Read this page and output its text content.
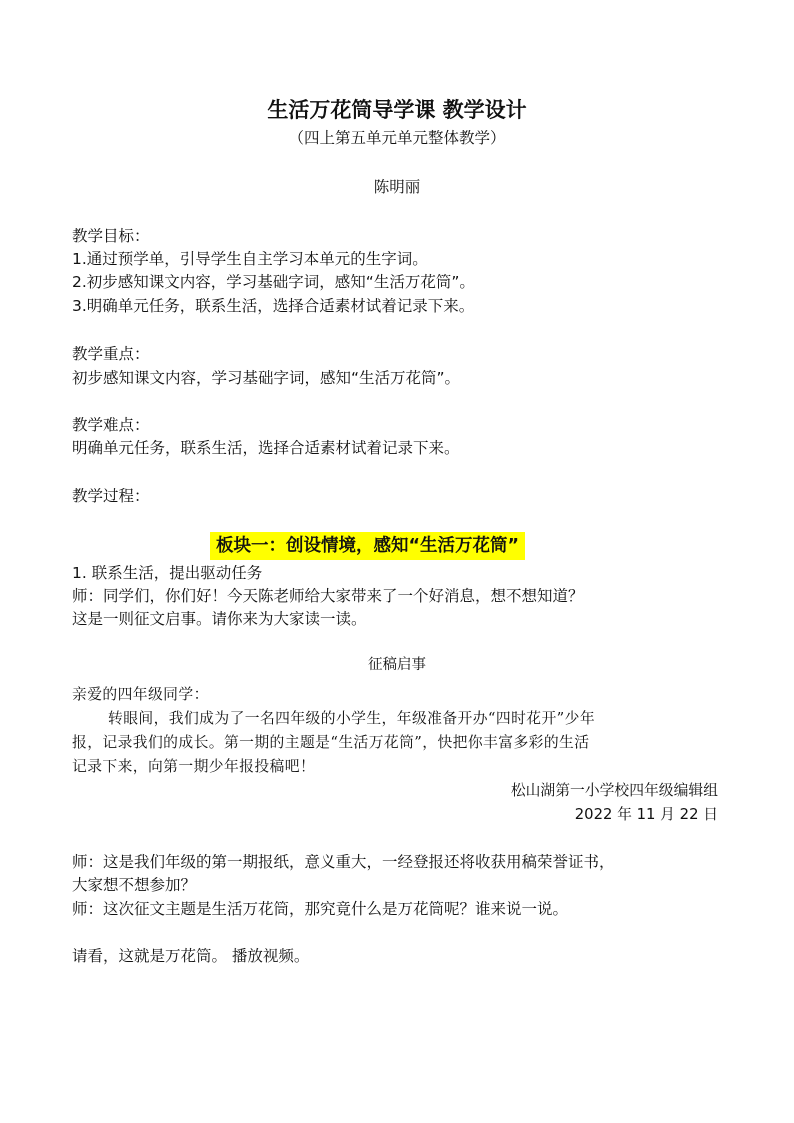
生活万花筒导学课 教学设计
（四上第五单元单元整体教学）
陈明丽
教学目标：
1.通过预学单，引导学生自主学习本单元的生字词。
2.初步感知课文内容，学习基础字词，感知“生活万花筒”。
3.明确单元任务，联系生活，选择合适素材试着记录下来。
教学重点：
初步感知课文内容，学习基础字词，感知“生活万花筒”。
教学难点：
明确单元任务，联系生活，选择合适素材试着记录下来。
教学过程：
板块一：创设情境，感知“生活万花筒”
1. 联系生活，提出驱动任务
师：同学们，你们好！今天陈老师给大家带来了一个好消息，想不想知道？
这是一则征文启事。请你来为大家读一读。
征稿启事
亲爱的四年级同学：
转眼间，我们成为了一名四年级的小学生，年级准备开办“四时花开”少年
报，记录我们的成长。第一期的主题是“生活万花筒”，快把你丰富多彩的生活
记录下来，向第一期少年报投稿吧！
松山湖第一小学校四年级编辑组
2022 年 11 月 22 日
师：这是我们年级的第一期报纸，意义重大，一经登报还将收获用稿荣誉证书，
大家想不想参加？
师：这次征文主题是生活万花筒，那究竟什么是万花筒呢？谁来说一说。
请看，这就是万花筒。 播放视频。
